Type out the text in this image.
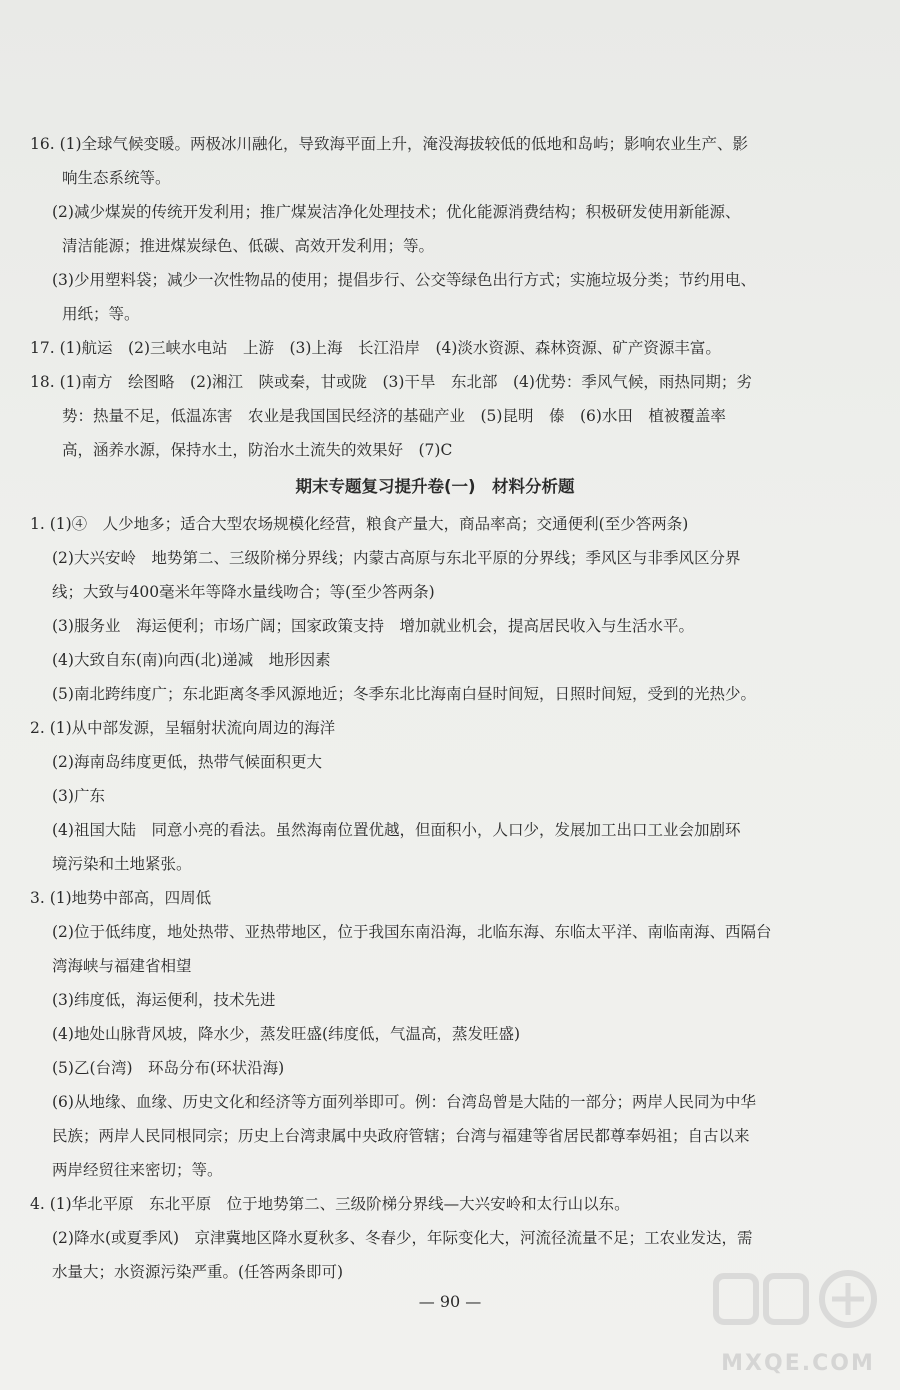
16. (1)全球气候变暖。两极冰川融化，导致海平面上升，淹没海拔较低的低地和岛屿；影响农业生产、影
响生态系统等。
(2)减少煤炭的传统开发利用；推广煤炭洁净化处理技术；优化能源消费结构；积极研发使用新能源、
清洁能源；推进煤炭绿色、低碳、高效开发利用；等。
(3)少用塑料袋；减少一次性物品的使用；提倡步行、公交等绿色出行方式；实施垃圾分类；节约用电、
用纸；等。
17. (1)航运　(2)三峡水电站　上游　(3)上海　长江沿岸　(4)淡水资源、森林资源、矿产资源丰富。
18. (1)南方　绘图略　(2)湘江　陕或秦，甘或陇　(3)干旱　东北部　(4)优势：季风气候，雨热同期；劣
势：热量不足，低温冻害　农业是我国国民经济的基础产业　(5)昆明　傣　(6)水田　植被覆盖率
高，涵养水源，保持水土，防治水土流失的效果好　(7)C
期末专题复习提升卷(一)　材料分析题
1. (1)④　人少地多；适合大型农场规模化经营，粮食产量大，商品率高；交通便利(至少答两条)
(2)大兴安岭　地势第二、三级阶梯分界线；内蒙古高原与东北平原的分界线；季风区与非季风区分界
线；大致与400毫米年等降水量线吻合；等(至少答两条)
(3)服务业　海运便利；市场广阔；国家政策支持　增加就业机会，提高居民收入与生活水平。
(4)大致自东(南)向西(北)递减　地形因素
(5)南北跨纬度广；东北距离冬季风源地近；冬季东北比海南白昼时间短，日照时间短，受到的光热少。
2. (1)从中部发源，呈辐射状流向周边的海洋
(2)海南岛纬度更低，热带气候面积更大
(3)广东
(4)祖国大陆　同意小亮的看法。虽然海南位置优越，但面积小，人口少，发展加工出口工业会加剧环
境污染和土地紧张。
3. (1)地势中部高，四周低
(2)位于低纬度，地处热带、亚热带地区，位于我国东南沿海，北临东海、东临太平洋、南临南海、西隔台
湾海峡与福建省相望
(3)纬度低，海运便利，技术先进
(4)地处山脉背风坡，降水少，蒸发旺盛(纬度低，气温高，蒸发旺盛)
(5)乙(台湾)　环岛分布(环状沿海)
(6)从地缘、血缘、历史文化和经济等方面列举即可。例：台湾岛曾是大陆的一部分；两岸人民同为中华
民族；两岸人民同根同宗；历史上台湾隶属中央政府管辖；台湾与福建等省居民都尊奉妈祖；自古以来
两岸经贸往来密切；等。
4. (1)华北平原　东北平原　位于地势第二、三级阶梯分界线—大兴安岭和太行山以东。
(2)降水(或夏季风)　京津冀地区降水夏秋多、冬春少，年际变化大，河流径流量不足；工农业发达，需
水量大；水资源污染严重。(任答两条即可)
— 90 —
MXQE.COM
